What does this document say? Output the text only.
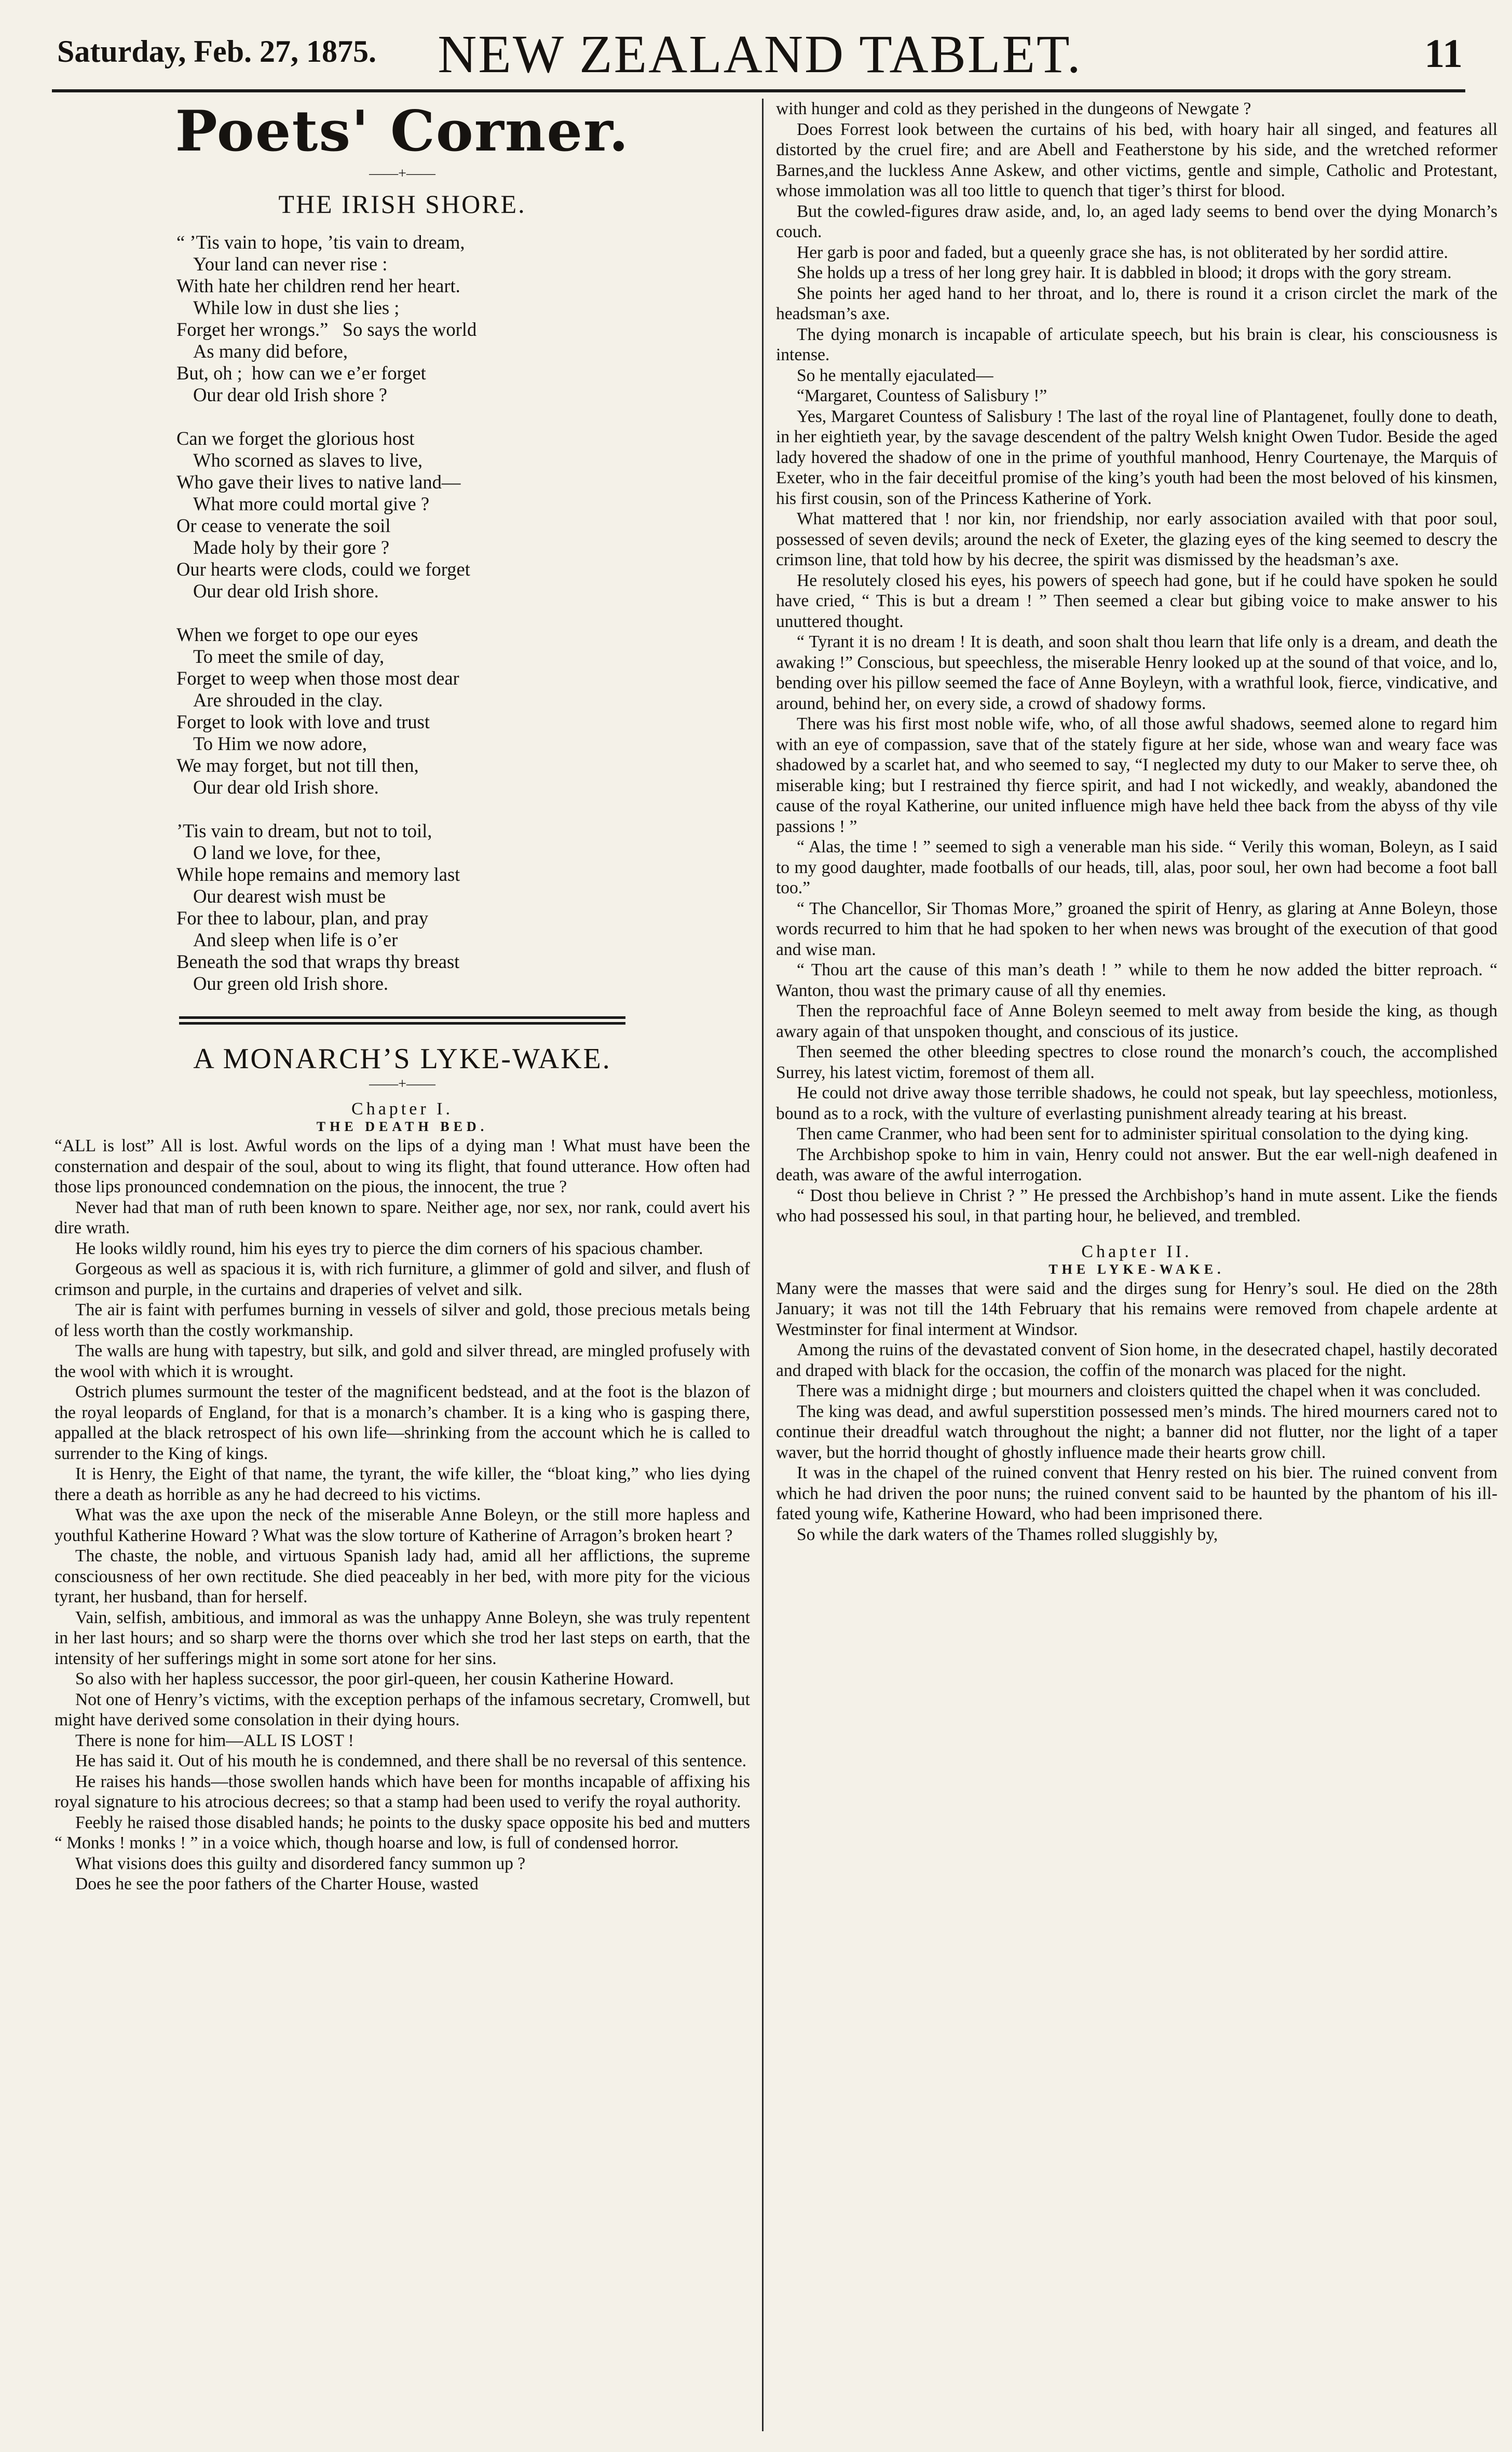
Saturday, Feb. 27, 1875.	NEW ZEALAND TABLET.	11
Poets' Corner.
——+——
THE IRISH SHORE.
“ ’Tis vain to hope, ’tis vain to dream,
Your land can never rise :
With hate her children rend her heart.
While low in dust she lies ;
Forget her wrongs.”   So says the world
As many did before,
But, oh ;  how can we e’er forget
Our dear old Irish shore ?
Can we forget the glorious host
Who scorned as slaves to live,
Who gave their lives to native land—
What more could mortal give ?
Or cease to venerate the soil
Made holy by their gore ?
Our hearts were clods, could we forget
Our dear old Irish shore.
When we forget to ope our eyes
To meet the smile of day,
Forget to weep when those most dear
Are shrouded in the clay.
Forget to look with love and trust
To Him we now adore,
We may forget, but not till then,
Our dear old Irish shore.
’Tis vain to dream, but not to toil,
O land we love, for thee,
While hope remains and memory last
Our dearest wish must be
For thee to labour, plan, and pray
And sleep when life is o’er
Beneath the sod that wraps thy breast
Our green old Irish shore.
A MONARCH’S LYKE-WAKE.
——+——
Chapter I.
THE DEATH BED.

“ALL is lost” All is lost. Awful words on the lips of a dying man ! What must have been the consternation and despair of the soul, about to wing its flight, that found utterance. How often had those lips pronounced condemnation on the pious, the innocent, the true ?

Never had that man of ruth been known to spare. Neither age, nor sex, nor rank, could avert his dire wrath.

He looks wildly round, him his eyes try to pierce the dim corners of his spacious chamber.

Gorgeous as well as spacious it is, with rich furniture, a glimmer of gold and silver, and flush of crimson and purple, in the curtains and draperies of velvet and silk.

The air is faint with perfumes burning in vessels of silver and gold, those precious metals being of less worth than the costly workmanship.

The walls are hung with tapestry, but silk, and gold and silver thread, are mingled profusely with the wool with which it is wrought.

Ostrich plumes surmount the tester of the magnificent bedstead, and at the foot is the blazon of the royal leopards of England, for that is a monarch’s chamber. It is a king who is gasping there, appalled at the black retrospect of his own life—shrinking from the account which he is called to surrender to the King of kings.

It is Henry, the Eight of that name, the tyrant, the wife killer, the “bloat king,” who lies dying there a death as horrible as any he had decreed to his victims.

What was the axe upon the neck of the miserable Anne Boleyn, or the still more hapless and youthful Katherine Howard ? What was the slow torture of Katherine of Arragon’s broken heart ?

The chaste, the noble, and virtuous Spanish lady had, amid all her afflictions, the supreme consciousness of her own rectitude. She died peaceably in her bed, with more pity for the vicious tyrant, her husband, than for herself.

Vain, selfish, ambitious, and immoral as was the unhappy Anne Boleyn, she was truly repentent in her last hours; and so sharp were the thorns over which she trod her last steps on earth, that the intensity of her sufferings might in some sort atone for her sins.

So also with her hapless successor, the poor girl-queen, her cousin Katherine Howard.

Not one of Henry’s victims, with the exception perhaps of the infamous secretary, Cromwell, but might have derived some consolation in their dying hours.

There is none for him—ALL IS LOST !

He has said it. Out of his mouth he is condemned, and there shall be no reversal of this sentence.

He raises his hands—those swollen hands which have been for months incapable of affixing his royal signature to his atrocious decrees; so that a stamp had been used to verify the royal authority.

Feebly he raised those disabled hands; he points to the dusky space opposite his bed and mutters “ Monks ! monks ! ” in a voice which, though hoarse and low, is full of condensed horror.

What visions does this guilty and disordered fancy summon up ?

Does he see the poor fathers of the Charter House, wasted

with hunger and cold as they perished in the dungeons of Newgate ?

Does Forrest look between the curtains of his bed, with hoary hair all singed, and features all distorted by the cruel fire; and are Abell and Featherstone by his side, and the wretched reformer Barnes,and the luckless Anne Askew, and other victims, gentle and simple, Catholic and Protestant, whose immolation was all too little to quench that tiger’s thirst for blood.

But the cowled-figures draw aside, and, lo, an aged lady seems to bend over the dying Monarch’s couch.

Her garb is poor and faded, but a queenly grace she has, is not obliterated by her sordid attire.

She holds up a tress of her long grey hair. It is dabbled in blood; it drops with the gory stream.

She points her aged hand to her throat, and lo, there is round it a crison circlet the mark of the headsman’s axe.

The dying monarch is incapable of articulate speech, but his brain is clear, his consciousness is intense.

So he mentally ejaculated—

“Margaret, Countess of Salisbury !”

Yes, Margaret Countess of Salisbury ! The last of the royal line of Plantagenet, foully done to death, in her eightieth year, by the savage descendent of the paltry Welsh knight Owen Tudor. Beside the aged lady hovered the shadow of one in the prime of youthful manhood, Henry Courtenaye, the Marquis of Exeter, who in the fair deceitful promise of the king’s youth had been the most beloved of his kinsmen, his first cousin, son of the Princess Katherine of York.

What mattered that ! nor kin, nor friendship, nor early association availed with that poor soul, possessed of seven devils; around the neck of Exeter, the glazing eyes of the king seemed to descry the crimson line, that told how by his decree, the spirit was dismissed by the headsman’s axe.

He resolutely closed his eyes, his powers of speech had gone, but if he could have spoken he sould have cried, “ This is but a dream ! ” Then seemed a clear but gibing voice to make answer to his unuttered thought.

“ Tyrant it is no dream ! It is death, and soon shalt thou learn that life only is a dream, and death the awaking !” Conscious, but speechless, the miserable Henry looked up at the sound of that voice, and lo, bending over his pillow seemed the face of Anne Boyleyn, with a wrathful look, fierce, vindicative, and around, behind her, on every side, a crowd of shadowy forms.

There was his first most noble wife, who, of all those awful shadows, seemed alone to regard him with an eye of compassion, save that of the stately figure at her side, whose wan and weary face was shadowed by a scarlet hat, and who seemed to say, “I neglected my duty to our Maker to serve thee, oh miserable king; but I restrained thy fierce spirit, and had I not wickedly, and weakly, abandoned the cause of the royal Katherine, our united influence migh have held thee back from the abyss of thy vile passions ! ”

“ Alas, the time ! ” seemed to sigh a venerable man his side. “ Verily this woman, Boleyn, as I said to my good daughter, made footballs of our heads, till, alas, poor soul, her own had become a foot ball too.”

“ The Chancellor, Sir Thomas More,” groaned the spirit of Henry, as glaring at Anne Boleyn, those words recurred to him that he had spoken to her when news was brought of the execution of that good and wise man.

“ Thou art the cause of this man’s death ! ” while to them he now added the bitter reproach. “ Wanton, thou wast the primary cause of all thy enemies.

Then the reproachful face of Anne Boleyn seemed to melt away from beside the king, as though awary again of that unspoken thought, and conscious of its justice.

Then seemed the other bleeding spectres to close round the monarch’s couch, the accomplished Surrey, his latest victim, foremost of them all.

He could not drive away those terrible shadows, he could not speak, but lay speechless, motionless, bound as to a rock, with the vulture of everlasting punishment already tearing at his breast.

Then came Cranmer, who had been sent for to administer spiritual consolation to the dying king.

The Archbishop spoke to him in vain, Henry could not answer. But the ear well-nigh deafened in death, was aware of the awful interrogation.

“ Dost thou believe in Christ ? ” He pressed the Archbishop’s hand in mute assent. Like the fiends who had possessed his soul, in that parting hour, he believed, and trembled.

Chapter II.
THE LYKE-WAKE.

Many were the masses that were said and the dirges sung for Henry’s soul. He died on the 28th January; it was not till the 14th February that his remains were removed from chapele ardente at Westminster for final interment at Windsor.

Among the ruins of the devastated convent of Sion home, in the desecrated chapel, hastily decorated and draped with black for the occasion, the coffin of the monarch was placed for the night.

There was a midnight dirge ; but mourners and cloisters quitted the chapel when it was concluded.

The king was dead, and awful superstition possessed men’s minds. The hired mourners cared not to continue their dreadful watch throughout the night; a banner did not flutter, nor the light of a taper waver, but the horrid thought of ghostly influence made their hearts grow chill.

It was in the chapel of the ruined convent that Henry rested on his bier. The ruined convent from which he had driven the poor nuns; the ruined convent said to be haunted by the phantom of his ill-fated young wife, Katherine Howard, who had been imprisoned there.

So while the dark waters of the Thames rolled sluggishly by,
